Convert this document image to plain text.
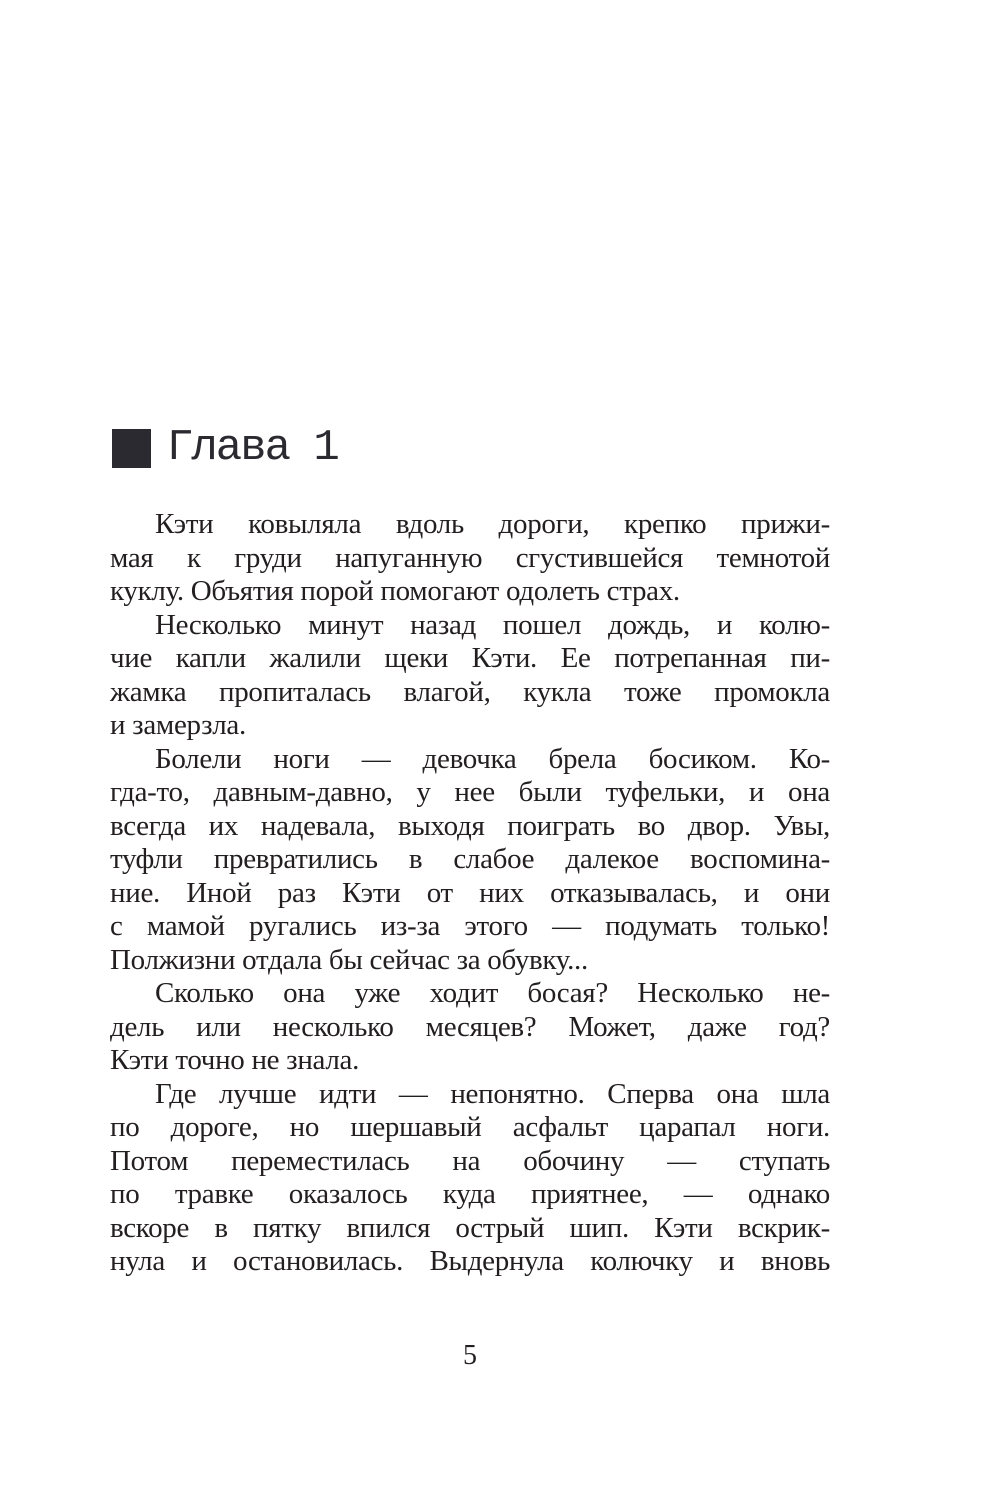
Глава 1
Кэти ковыляла вдоль дороги, крепко прижи-
мая к груди напуганную сгустившейся темнотой
куклу. Объятия порой помогают одолеть страх.
Несколько минут назад пошел дождь, и колю-
чие капли жалили щеки Кэти. Ее потрепанная пи-
жамка пропиталась влагой, кукла тоже промокла
и замерзла.
Болели ноги — девочка брела босиком. Ко-
гда-то, давным-давно, у нее были туфельки, и она
всегда их надевала, выходя поиграть во двор. Увы,
туфли превратились в слабое далекое воспомина-
ние. Иной раз Кэти от них отказывалась, и они
с мамой ругались из-за этого — подумать только!
Полжизни отдала бы сейчас за обувку...
Сколько она уже ходит босая? Несколько не-
дель или несколько месяцев? Может, даже год?
Кэти точно не знала.
Где лучше идти — непонятно. Сперва она шла
по дороге, но шершавый асфальт царапал ноги.
Потом переместилась на обочину — ступать
по травке оказалось куда приятнее, — однако
вскоре в пятку впился острый шип. Кэти вскрик-
нула и остановилась. Выдернула колючку и вновь
5
